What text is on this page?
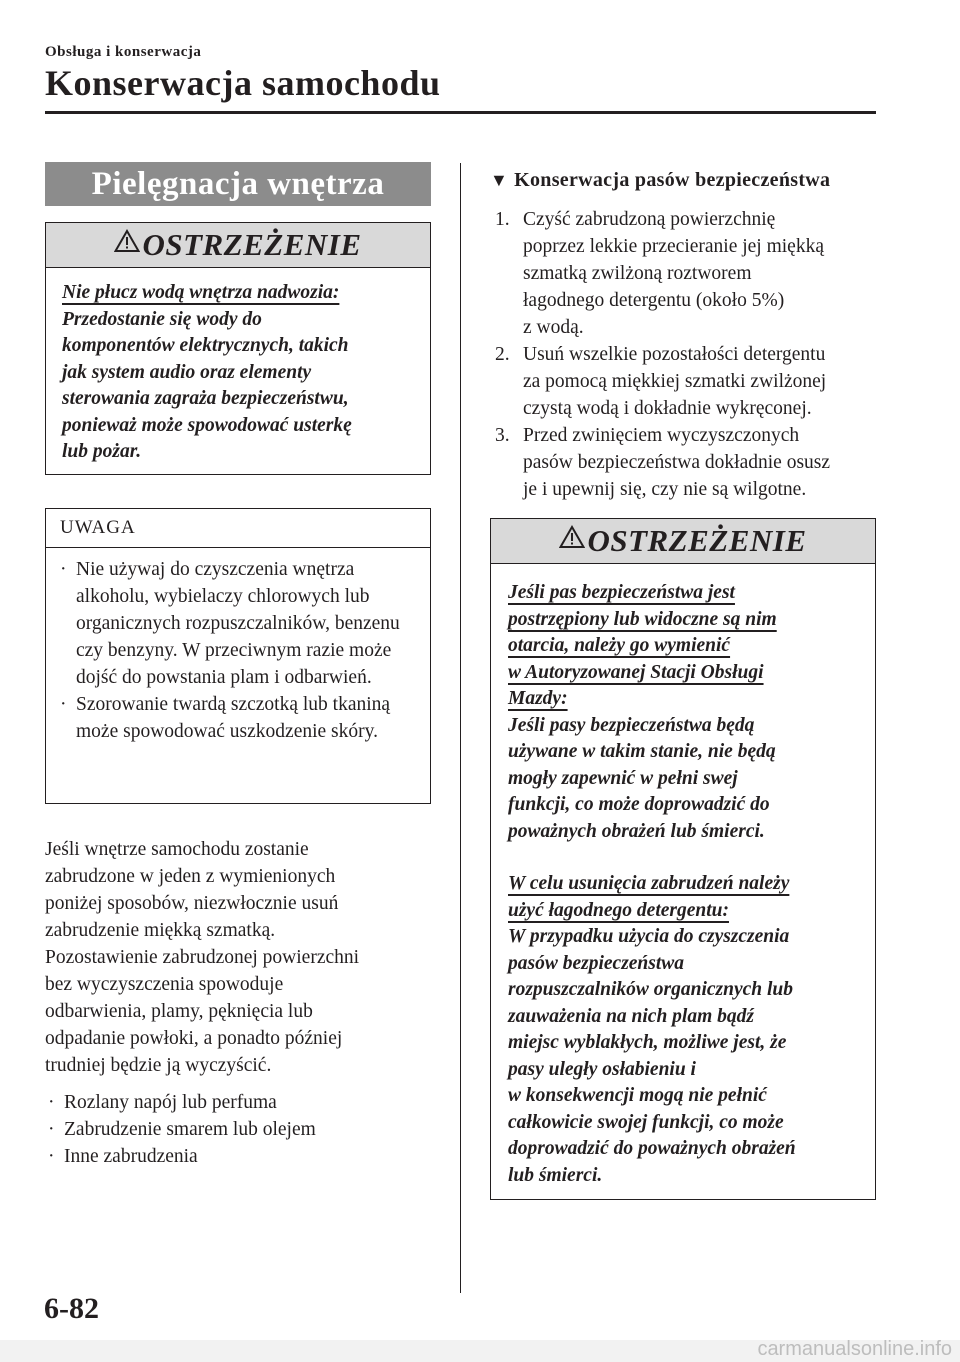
Obsługa i konserwacja
Konserwacja samochodu
Pielęgnacja wnętrza
OSTRZEŻENIE
Nie płucz wodą wnętrza nadwozia:
Przedostanie się wody do
komponentów elektrycznych, takich
jak system audio oraz elementy
sterowania zagraża bezpieczeństwu,
ponieważ może spowodować usterkę
lub pożar.
UWAGA
· Nie używaj do czyszczenia wnętrza alkoholu, wybielaczy chlorowych lub organicznych rozpuszczalników, benzenu czy benzyny. W przeciwnym razie może dojść do powstania plam i odbarwień.
· Szorowanie twardą szczotką lub tkaniną może spowodować uszkodzenie skóry.
Jeśli wnętrze samochodu zostanie
zabrudzone w jeden z wymienionych
poniżej sposobów, niezwłocznie usuń
zabrudzenie miękką szmatką.
Pozostawienie zabrudzonej powierzchni
bez wyczyszczenia spowoduje
odbarwienia, plamy, pęknięcia lub
odpadanie powłoki, a ponadto później
trudniej będzie ją wyczyścić.
· Rozlany napój lub perfuma
· Zabrudzenie smarem lub olejem
· Inne zabrudzenia
▼ Konserwacja pasów bezpieczeństwa
1. Czyść zabrudzoną powierzchnię
poprzez lekkie przecieranie jej miękką
szmatką zwilżoną roztworem
łagodnego detergentu (około 5%)
z wodą.
2. Usuń wszelkie pozostałości detergentu
za pomocą miękkiej szmatki zwilżonej
czystą wodą i dokładnie wykręconej.
3. Przed zwinięciem wyczyszczonych
pasów bezpieczeństwa dokładnie osusz
je i upewnij się, czy nie są wilgotne.
OSTRZEŻENIE
Jeśli pas bezpieczeństwa jest
postrzępiony lub widoczne są nim
otarcia, należy go wymienić
w Autoryzowanej Stacji Obsługi
Mazdy:
Jeśli pasy bezpieczeństwa będą
używane w takim stanie, nie będą
mogły zapewnić w pełni swej
funkcji, co może doprowadzić do
poważnych obrażeń lub śmierci.
W celu usunięcia zabrudzeń należy
użyć łagodnego detergentu:
W przypadku użycia do czyszczenia
pasów bezpieczeństwa
rozpuszczalników organicznych lub
zauważenia na nich plam bądź
miejsc wyblakłych, możliwe jest, że
pasy uległy osłabieniu i
w konsekwencji mogą nie pełnić
całkowicie swojej funkcji, co może
doprowadzić do poważnych obrażeń
lub śmierci.
6-82
carmanualsonline.info
